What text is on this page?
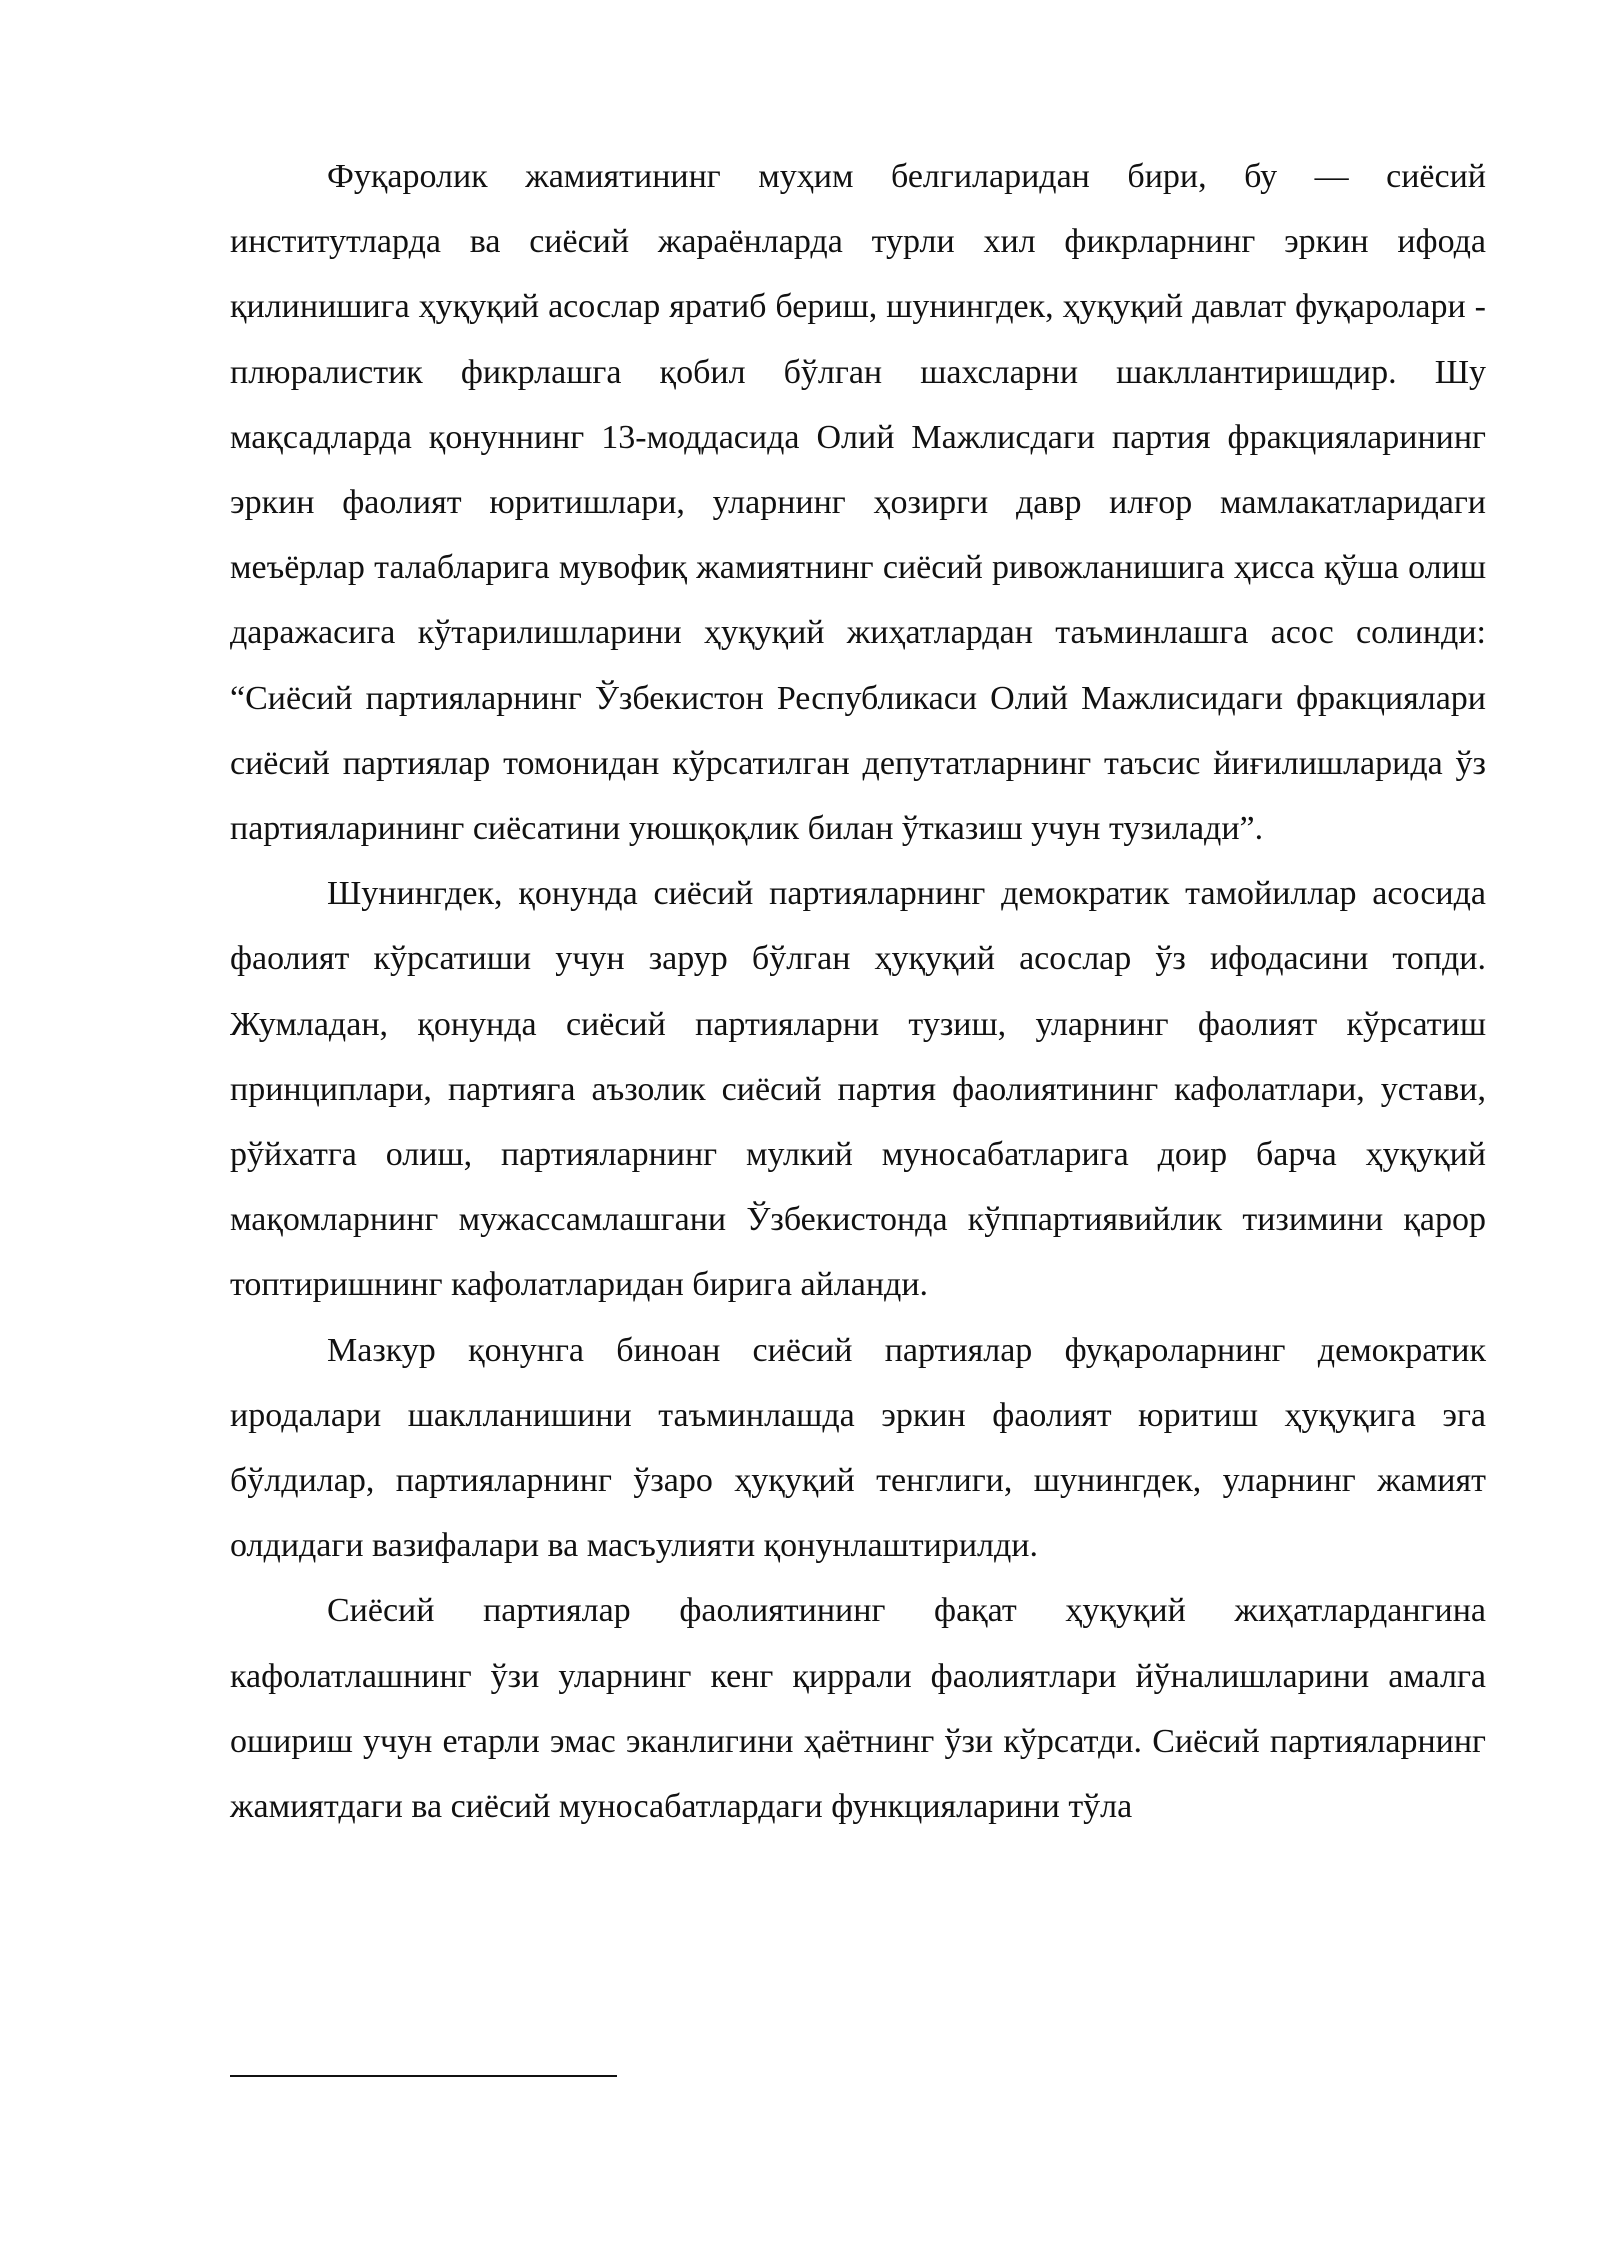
Фуқаролик жамиятининг муҳим белгиларидан бири, бу — сиёсий институтларда ва сиёсий жараёнларда турли хил фикрларнинг эркин ифода қилинишига ҳуқуқий асослар яратиб бериш, шунингдек, ҳуқуқий давлат фуқаролари - плюралистик фикрлашга қобил бўлган шахсларни шакллантиришдир. Шу мақсадларда қонуннинг 13-моддасида Олий Мажлисдаги партия фракцияларининг эркин фаолият юритишлари, уларнинг ҳозирги давр илғор мамлакатларидаги меъёрлар талабларига мувофиқ жамиятнинг сиёсий ривожланишига ҳисса қўша олиш даражасига кўтарилишларини ҳуқуқий жиҳатлардан таъминлашга асос солинди: “Сиёсий партияларнинг Ўзбекистон Республикаси Олий Мажлисидаги фракциялари сиёсий партиялар томонидан кўрсатилган депутатларнинг таъсис йиғилишларида ўз партияларининг сиёсатини уюшқоқлик билан ўтказиш учун тузилади”.

Шунингдек, қонунда сиёсий партияларнинг демократик тамойиллар асосида фаолият кўрсатиши учун зарур бўлган ҳуқуқий асослар ўз ифодасини топди. Жумладан, қонунда сиёсий партияларни тузиш, уларнинг фаолият кўрсатиш принциплари, партияга аъзолик сиёсий партия фаолиятининг кафолатлари, устави, рўйхатга олиш, партияларнинг мулкий муносабатларига доир барча ҳуқуқий мақомларнинг мужассамлашгани Ўзбекистонда кўппартиявийлик тизимини қарор топтиришнинг кафолатларидан бирига айланди.

Мазкур қонунга биноан сиёсий партиялар фуқароларнинг демократик иродалари шаклланишини таъминлашда эркин фаолият юритиш ҳуқуқига эга бўлдилар, партияларнинг ўзаро ҳуқуқий тенглиги, шунингдек, уларнинг жамият олдидаги вазифалари ва масъулияти қонунлаштирилди.

Сиёсий партиялар фаолиятининг фақат ҳуқуқий жиҳатлардангина кафолатлашнинг ўзи уларнинг кенг қиррали фаолиятлари йўналишларини амалга ошириш учун етарли эмас эканлигини ҳаётнинг ўзи кўрсатди. Сиёсий партияларнинг жамиятдаги ва сиёсий муносабатлардаги функцияларини тўла
